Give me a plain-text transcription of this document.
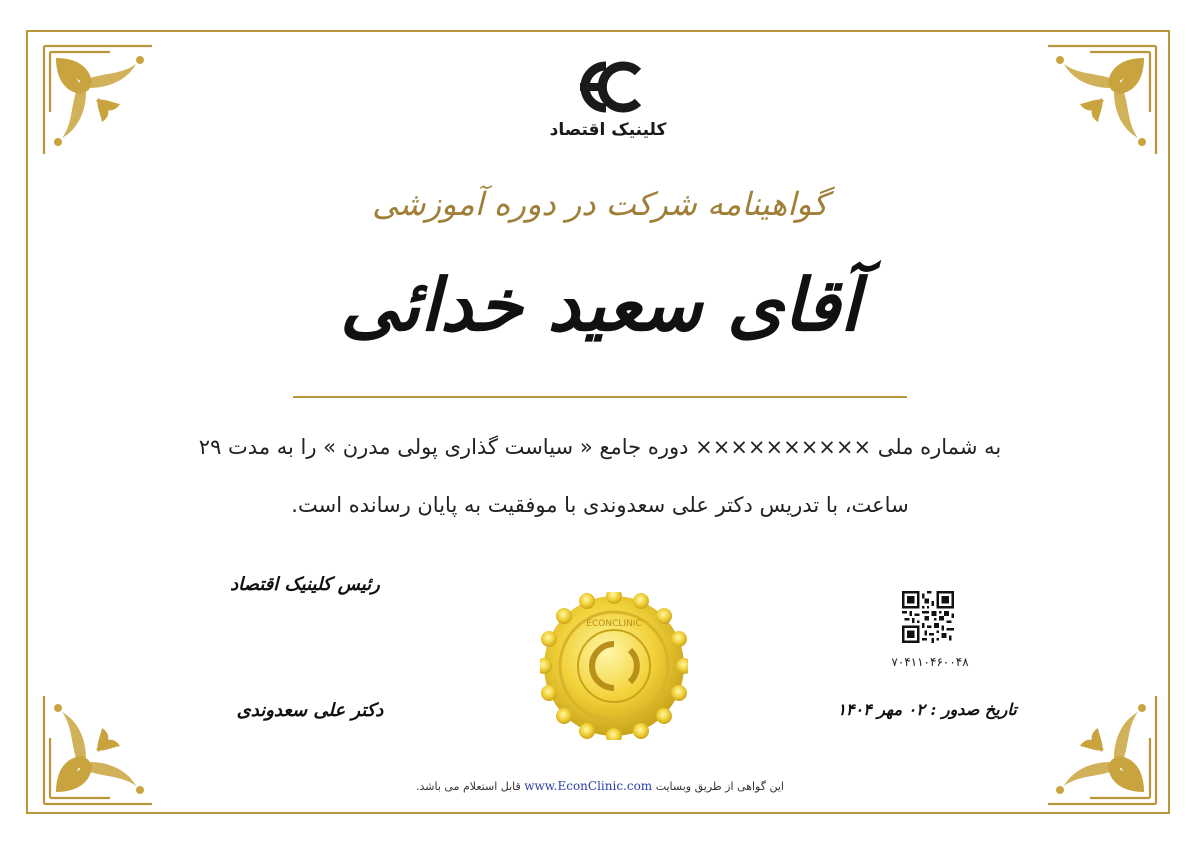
کلینیک اقتصاد
گواهینامه شرکت در دوره آموزشی
آقای سعید خدائی
به شماره ملی ×××××××××× دوره جامع « سیاست گذاری پولی مدرن » را به مدت ۲۹
ساعت، با تدریس دکتر علی سعدوندی با موفقیت به پایان رسانده است.
رئیس کلینیک اقتصاد
دکتر علی سعدوندی
ECONCLINIC
۷۰۴۱۱۰۴۶۰۰۴۸
تاریخ صدور : ۰۲ مهر ۱۴۰۴
این گواهی از طریق وبسایت www.EconClinic.com قابل استعلام می باشد.
